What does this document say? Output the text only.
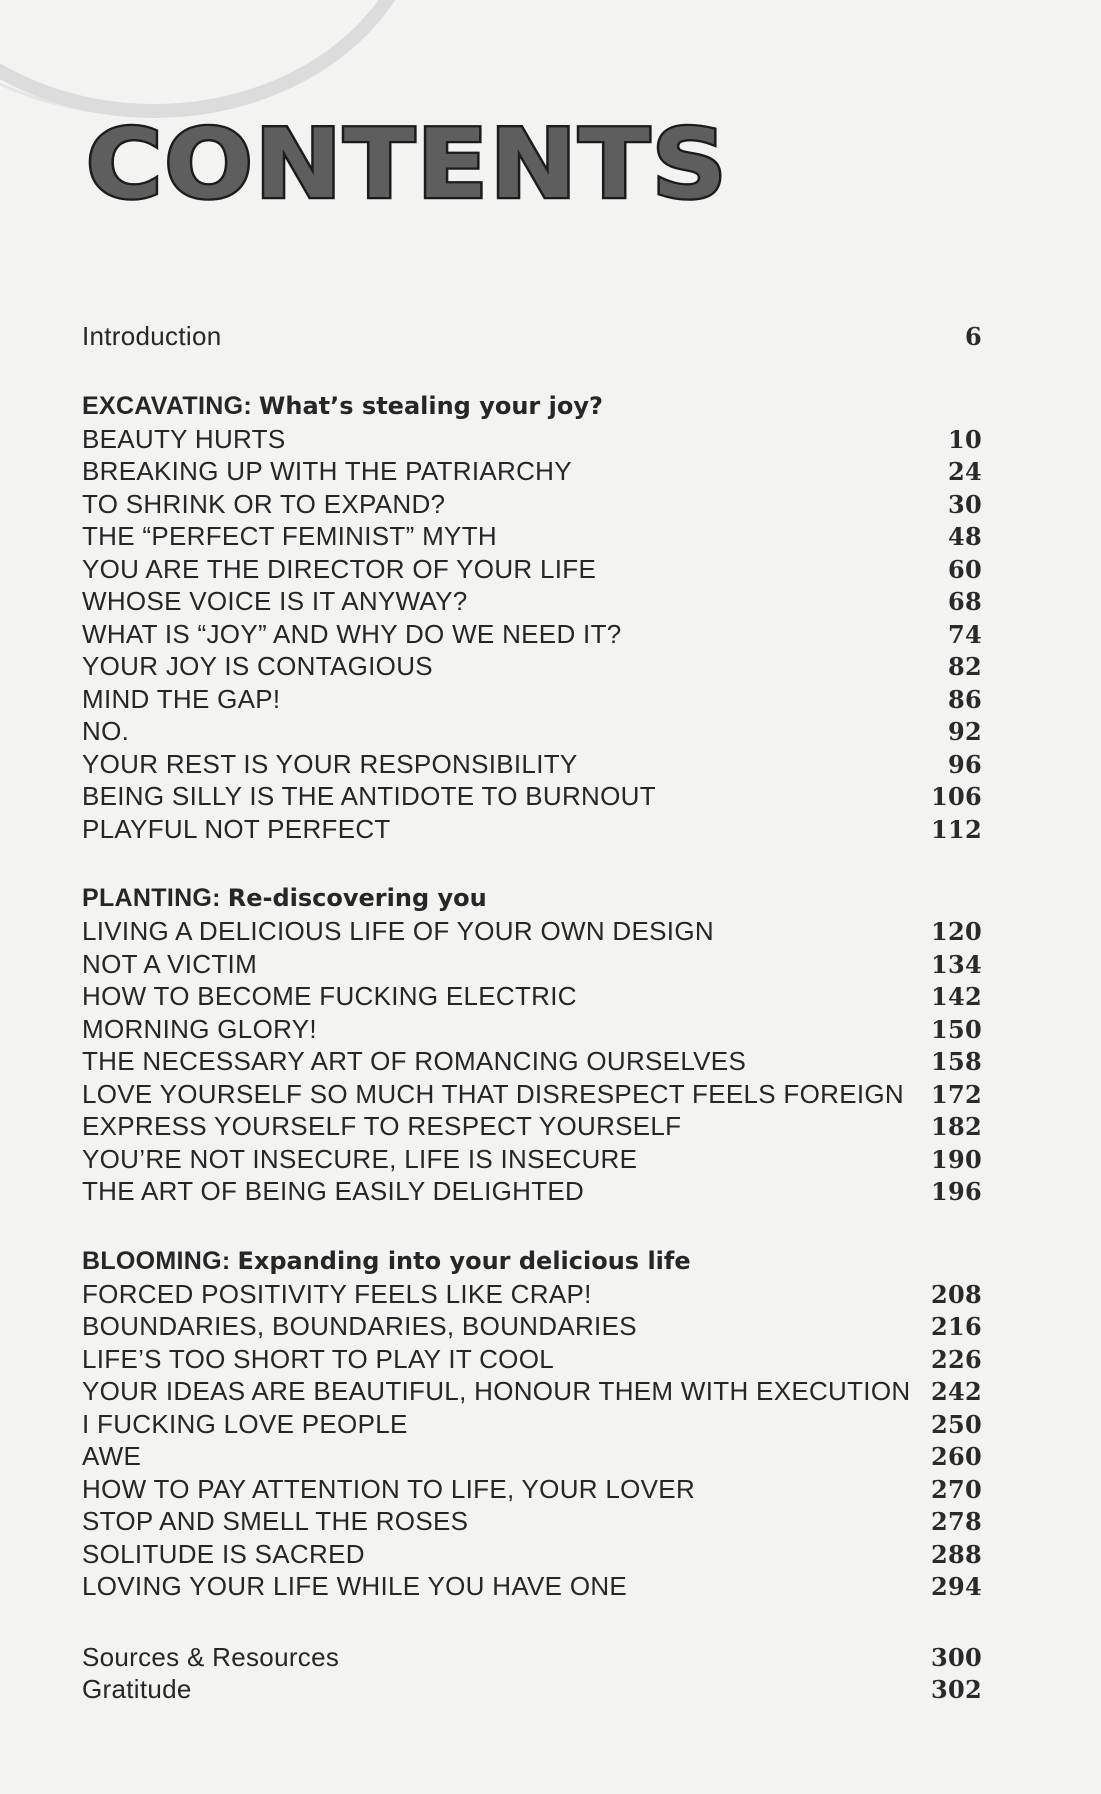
CONTENTS
Introduction	6
EXCAVATING: What’s stealing your joy?
BEAUTY HURTS	10
BREAKING UP WITH THE PATRIARCHY	24
TO SHRINK OR TO EXPAND?	30
THE “PERFECT FEMINIST” MYTH	48
YOU ARE THE DIRECTOR OF YOUR LIFE	60
WHOSE VOICE IS IT ANYWAY?	68
WHAT IS “JOY” AND WHY DO WE NEED IT?	74
YOUR JOY IS CONTAGIOUS	82
MIND THE GAP!	86
NO.	92
YOUR REST IS YOUR RESPONSIBILITY	96
BEING SILLY IS THE ANTIDOTE TO BURNOUT	106
PLAYFUL NOT PERFECT	112
PLANTING: Re-discovering you
LIVING A DELICIOUS LIFE OF YOUR OWN DESIGN	120
NOT A VICTIM	134
HOW TO BECOME FUCKING ELECTRIC	142
MORNING GLORY!	150
THE NECESSARY ART OF ROMANCING OURSELVES	158
LOVE YOURSELF SO MUCH THAT DISRESPECT FEELS FOREIGN	172
EXPRESS YOURSELF TO RESPECT YOURSELF	182
YOU’RE NOT INSECURE, LIFE IS INSECURE	190
THE ART OF BEING EASILY DELIGHTED	196
BLOOMING: Expanding into your delicious life
FORCED POSITIVITY FEELS LIKE CRAP!	208
BOUNDARIES, BOUNDARIES, BOUNDARIES	216
LIFE’S TOO SHORT TO PLAY IT COOL	226
YOUR IDEAS ARE BEAUTIFUL, HONOUR THEM WITH EXECUTION 242
I FUCKING LOVE PEOPLE	250
AWE	260
HOW TO PAY ATTENTION TO LIFE, YOUR LOVER	270
STOP AND SMELL THE ROSES	278
SOLITUDE IS SACRED	288
LOVING YOUR LIFE WHILE YOU HAVE ONE	294
Sources & Resources	300
Gratitude	302
